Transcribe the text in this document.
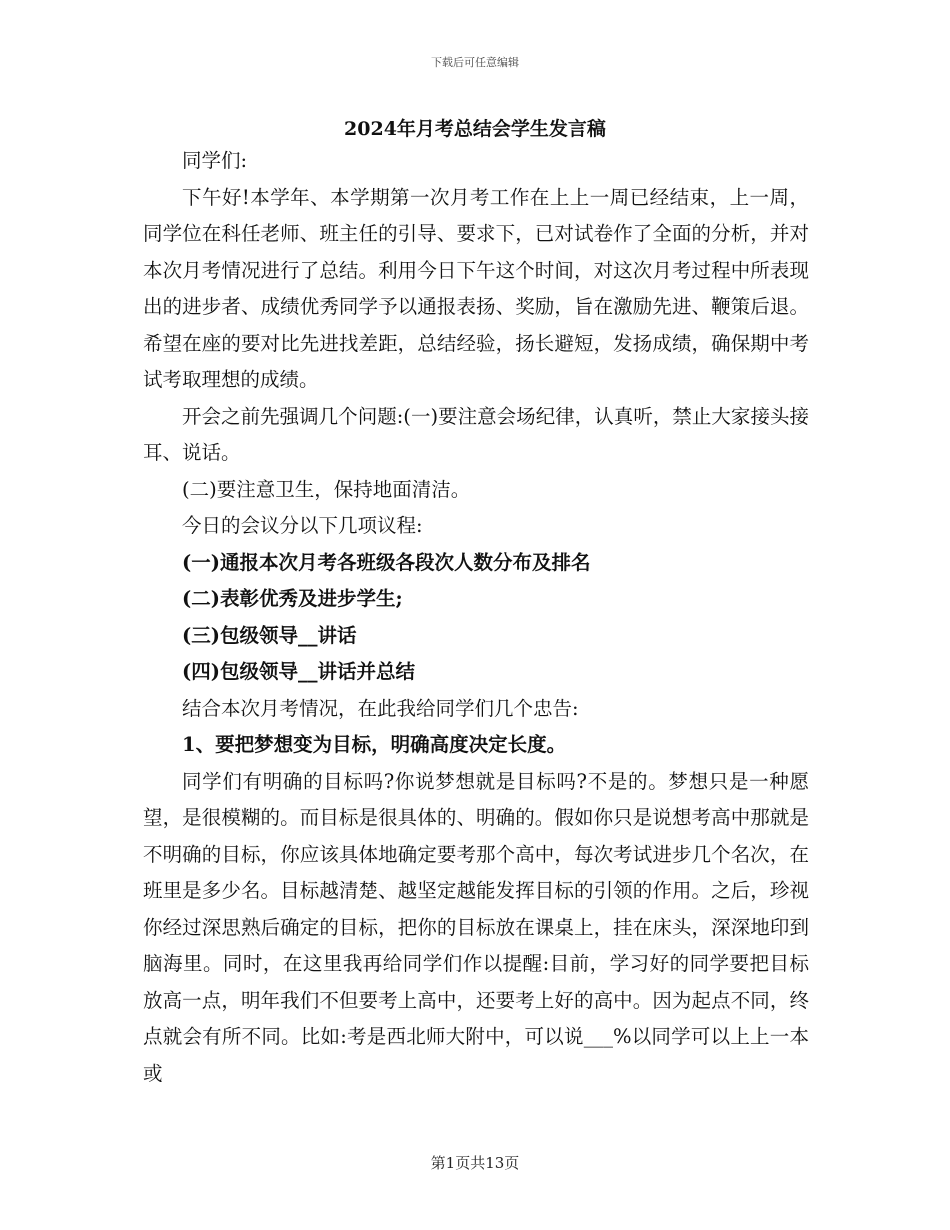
下载后可任意编辑
2024年月考总结会学生发言稿

同学们:

下午好!本学年、本学期第一次月考工作在上上一周已经结束，上一周，同学位在科任老师、班主任的引导、要求下，已对试卷作了全面的分析，并对本次月考情况进行了总结。利用今日下午这个时间，对这次月考过程中所表现出的进步者、成绩优秀同学予以通报表扬、奖励，旨在激励先进、鞭策后退。希望在座的要对比先进找差距，总结经验，扬长避短，发扬成绩，确保期中考试考取理想的成绩。

开会之前先强调几个问题:(一)要注意会场纪律，认真听，禁止大家接头接耳、说话。

(二)要注意卫生，保持地面清洁。

今日的会议分以下几项议程:

(一)通报本次月考各班级各段次人数分布及排名

(二)表彰优秀及进步学生;

(三)包级领导__讲话

(四)包级领导__讲话并总结

结合本次月考情况，在此我给同学们几个忠告:

1、要把梦想变为目标，明确高度决定长度。

同学们有明确的目标吗?你说梦想就是目标吗?不是的。梦想只是一种愿望，是很模糊的。而目标是很具体的、明确的。假如你只是说想考高中那就是不明确的目标，你应该具体地确定要考那个高中，每次考试进步几个名次，在班里是多少名。目标越清楚、越坚定越能发挥目标的引领的作用。之后，珍视你经过深思熟后确定的目标，把你的目标放在课桌上，挂在床头，深深地印到脑海里。同时，在这里我再给同学们作以提醒:目前，学习好的同学要把目标放高一点，明年我们不但要考上高中，还要考上好的高中。因为起点不同，终点就会有所不同。比如:考是西北师大附中，可以说___%以同学可以上上一本或

第1页共13页
